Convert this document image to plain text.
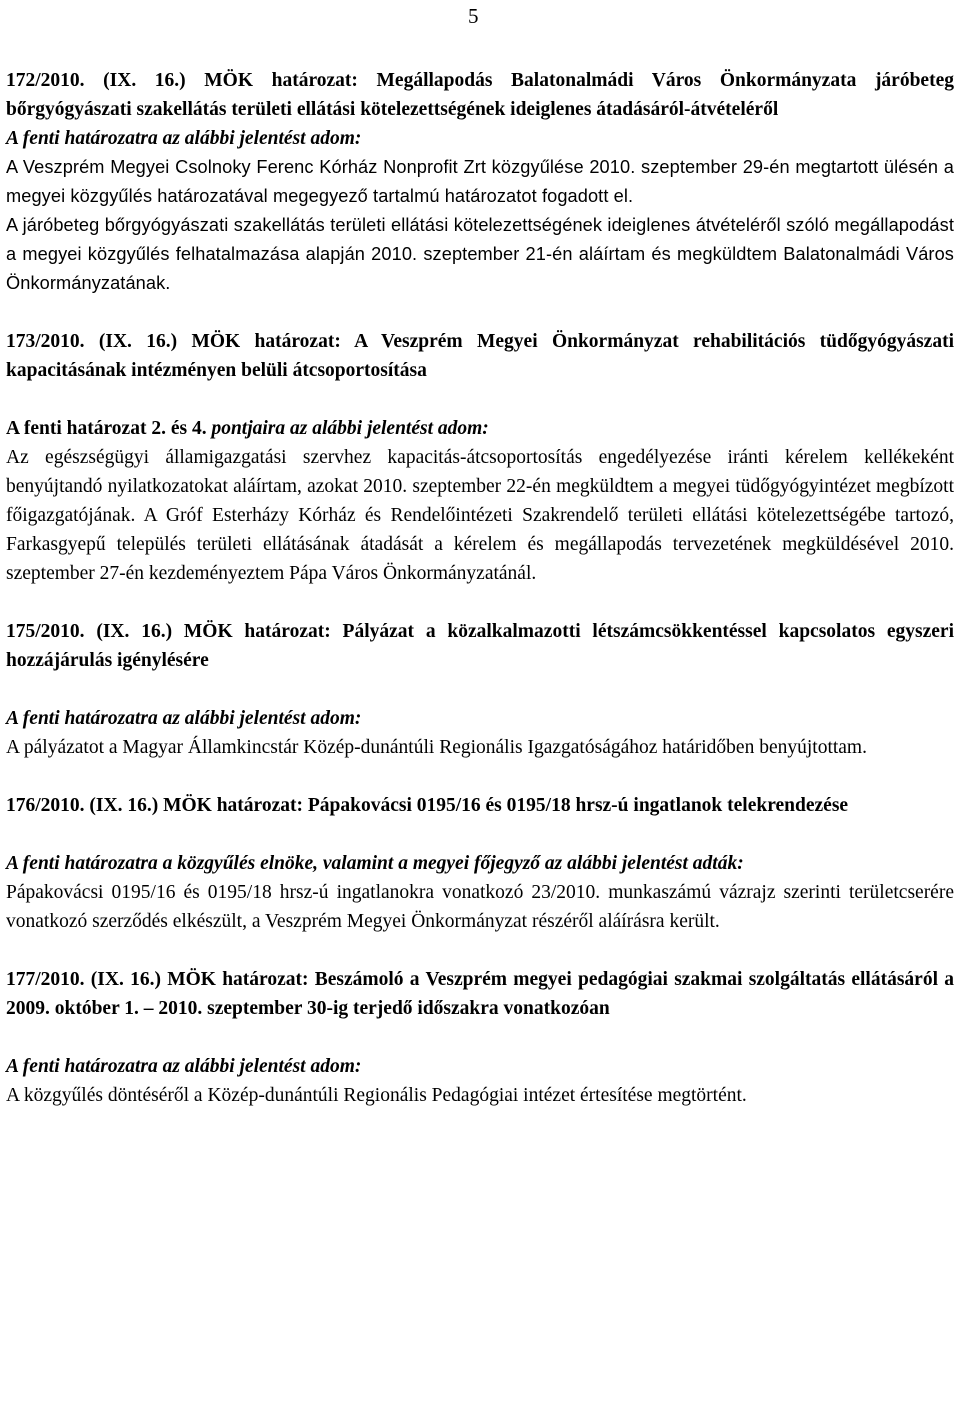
5

172/2010. (IX. 16.) MÖK határozat: Megállapodás Balatonalmádi Város Önkormányzata járóbeteg bőrgyógyászati szakellátás területi ellátási kötelezettségének ideiglenes átadásáról-átvételéről

A fenti határozatra az alábbi jelentést adom:

A Veszprém Megyei Csolnoky Ferenc Kórház Nonprofit Zrt közgyűlése 2010. szeptember 29-én megtartott ülésén a megyei közgyűlés határozatával megegyező tartalmú határozatot fogadott el.

A járóbeteg bőrgyógyászati szakellátás területi ellátási kötelezettségének ideiglenes átvételéről szóló megállapodást a megyei közgyűlés felhatalmazása alapján 2010. szeptember 21-én aláírtam és megküldtem Balatonalmádi Város Önkormányzatának.

173/2010. (IX. 16.) MÖK határozat: A Veszprém Megyei Önkormányzat rehabilitációs tüdőgyógyászati kapacitásának intézményen belüli átcsoportosítása

A fenti határozat 2. és 4. pontjaira az alábbi jelentést adom:

Az egészségügyi államigazgatási szervhez kapacitás-átcsoportosítás engedélyezése iránti kérelem kellékeként benyújtandó nyilatkozatokat aláírtam, azokat 2010. szeptember 22-én megküldtem a megyei tüdőgyógyintézet megbízott főigazgatójának. A Gróf Esterházy Kórház és Rendelőintézeti Szakrendelő területi ellátási kötelezettségébe tartozó, Farkasgyepű település területi ellátásának átadását a kérelem és megállapodás tervezetének megküldésével 2010. szeptember 27-én kezdeményeztem Pápa Város Önkormányzatánál.

175/2010. (IX. 16.) MÖK határozat: Pályázat a közalkalmazotti létszámcsökkentéssel kapcsolatos egyszeri hozzájárulás igénylésére

A fenti határozatra az alábbi jelentést adom:

A pályázatot a Magyar Államkincstár Közép-dunántúli Regionális Igazgatóságához határidőben benyújtottam.

176/2010. (IX. 16.) MÖK határozat: Pápakovácsi 0195/16 és 0195/18 hrsz-ú ingatlanok telekrendezése

A fenti határozatra a közgyűlés elnöke, valamint a megyei főjegyző az alábbi jelentést adták:

Pápakovácsi 0195/16 és 0195/18 hrsz-ú ingatlanokra vonatkozó 23/2010. munkaszámú vázrajz szerinti területcserére vonatkozó szerződés elkészült, a Veszprém Megyei Önkormányzat részéről aláírásra került.

177/2010. (IX. 16.) MÖK határozat: Beszámoló a Veszprém megyei pedagógiai szakmai szolgáltatás ellátásáról a 2009. október 1. – 2010. szeptember 30-ig terjedő időszakra vonatkozóan

A fenti határozatra az alábbi jelentést adom:

A közgyűlés döntéséről a Közép-dunántúli Regionális Pedagógiai intézet értesítése megtörtént.
